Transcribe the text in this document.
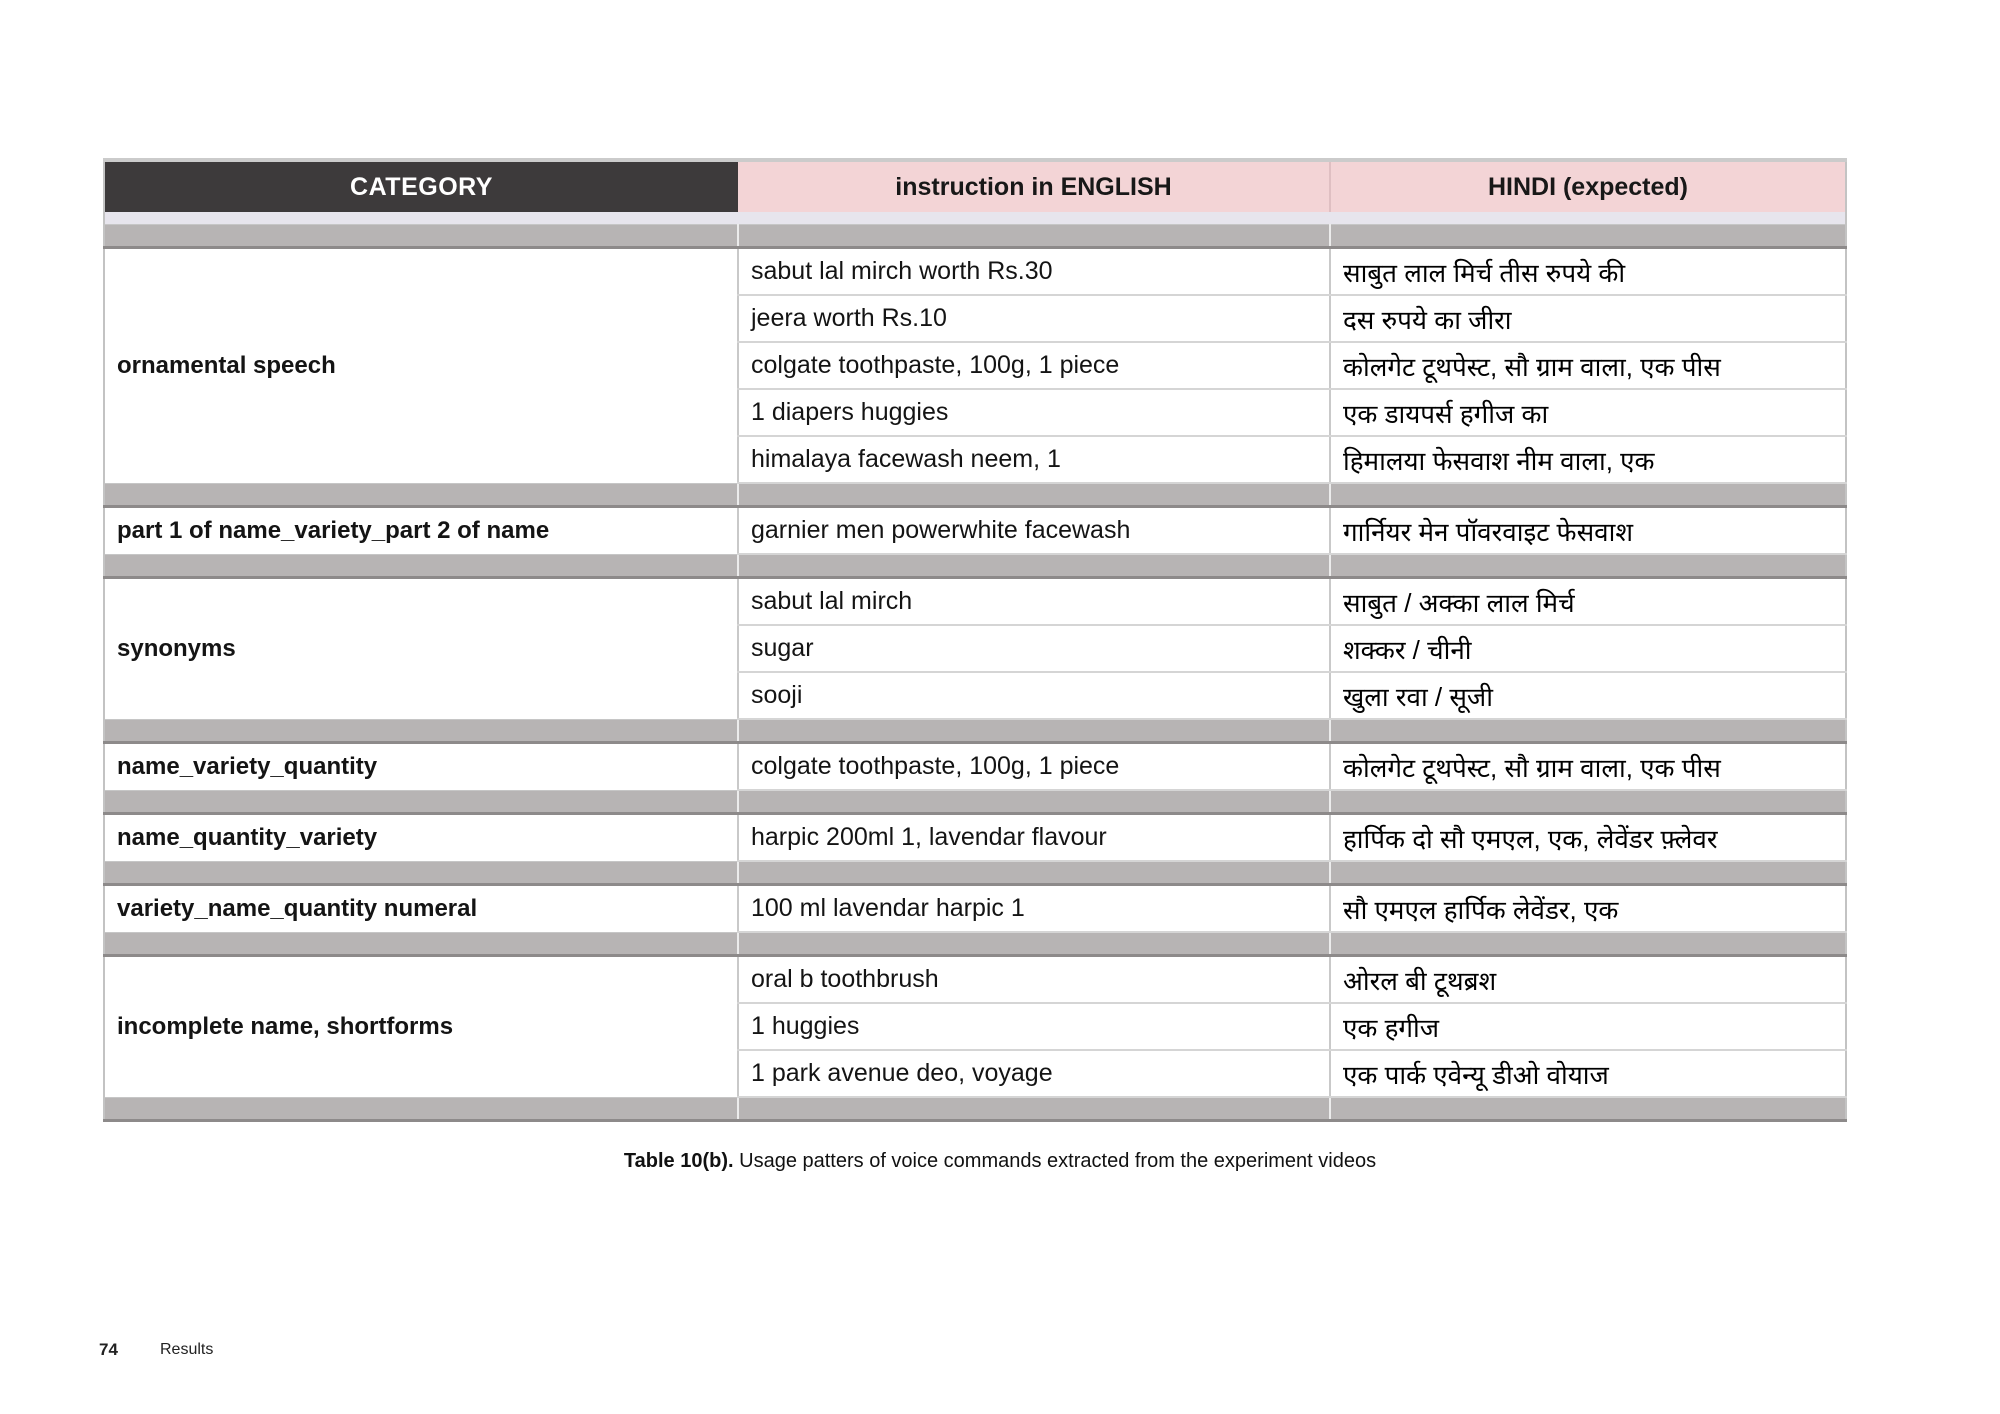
CATEGORY	instruction in ENGLISH	HINDI (expected)

ornamental speech	sabut lal mirch worth Rs.30	साबुत लाल मिर्च तीस रुपये की
	jeera worth Rs.10	दस रुपये का जीरा
	colgate toothpaste, 100g, 1 piece	कोलगेट टूथपेस्ट, सौ ग्राम वाला, एक पीस
	1 diapers huggies	एक डायपर्स हगीज का
	himalaya facewash neem, 1	हिमालया फेसवाश नीम वाला, एक

part 1 of name_variety_part 2 of name	garnier men powerwhite facewash	गार्नियर मेन पॉवरवाइट फेसवाश

synonyms	sabut lal mirch	साबुत / अक्का लाल मिर्च
	sugar	शक्कर / चीनी
	sooji	खुला रवा / सूजी

name_variety_quantity	colgate toothpaste, 100g, 1 piece	कोलगेट टूथपेस्ट, सौ ग्राम वाला, एक पीस

name_quantity_variety	harpic 200ml 1, lavendar flavour	हार्पिक दो सौ एमएल, एक, लेवेंडर फ़्लेवर

variety_name_quantity numeral	100 ml lavendar harpic 1	सौ एमएल हार्पिक लेवेंडर, एक

incomplete name, shortforms	oral b toothbrush	ओरल बी टूथब्रश
	1 huggies	एक हगीज
	1 park avenue deo, voyage	एक पार्क एवेन्यू डीओ वोयाज

Table 10(b). Usage patters of voice commands extracted from the experiment videos
74	Results
